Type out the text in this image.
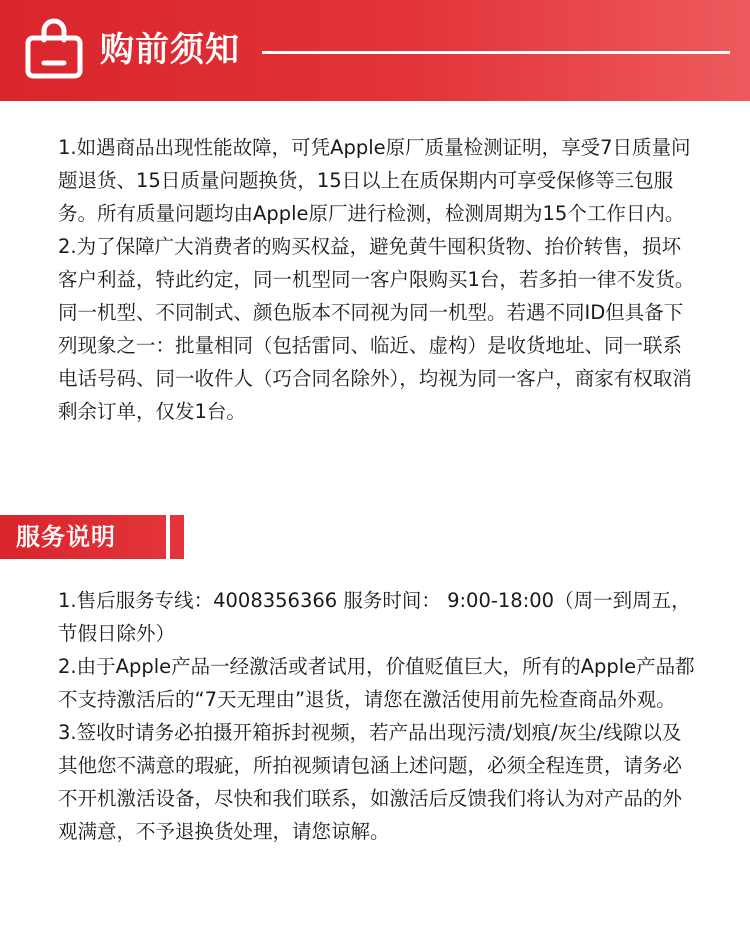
购前须知

1.如遇商品出现性能故障，可凭Apple原厂质量检测证明，享受7日质量问题退货、15日质量问题换货，15日以上在质保期内可享受保修等三包服务。所有质量问题均由Apple原厂进行检测，检测周期为15个工作日内。

2.为了保障广大消费者的购买权益，避免黄牛囤积货物、抬价转售，损坏客户利益，特此约定，同一机型同一客户限购买1台，若多拍一律不发货。同一机型、不同制式、颜色版本不同视为同一机型。若遇不同ID但具备下列现象之一：批量相同（包括雷同、临近、虚构）是收货地址、同一联系电话号码、同一收件人（巧合同名除外），均视为同一客户，商家有权取消剩余订单，仅发1台。

服务说明

1.售后服务专线：4008356366 服务时间： 9:00-18:00（周一到周五，节假日除外）

2.由于Apple产品一经激活或者试用，价值贬值巨大，所有的Apple产品都不支持激活后的“7天无理由”退货，请您在激活使用前先检查商品外观。

3.签收时请务必拍摄开箱拆封视频，若产品出现污渍/划痕/灰尘/线隙以及其他您不满意的瑕疵，所拍视频请包涵上述问题，必须全程连贯，请务必不开机激活设备，尽快和我们联系，如激活后反馈我们将认为对产品的外观满意，不予退换货处理，请您谅解。
